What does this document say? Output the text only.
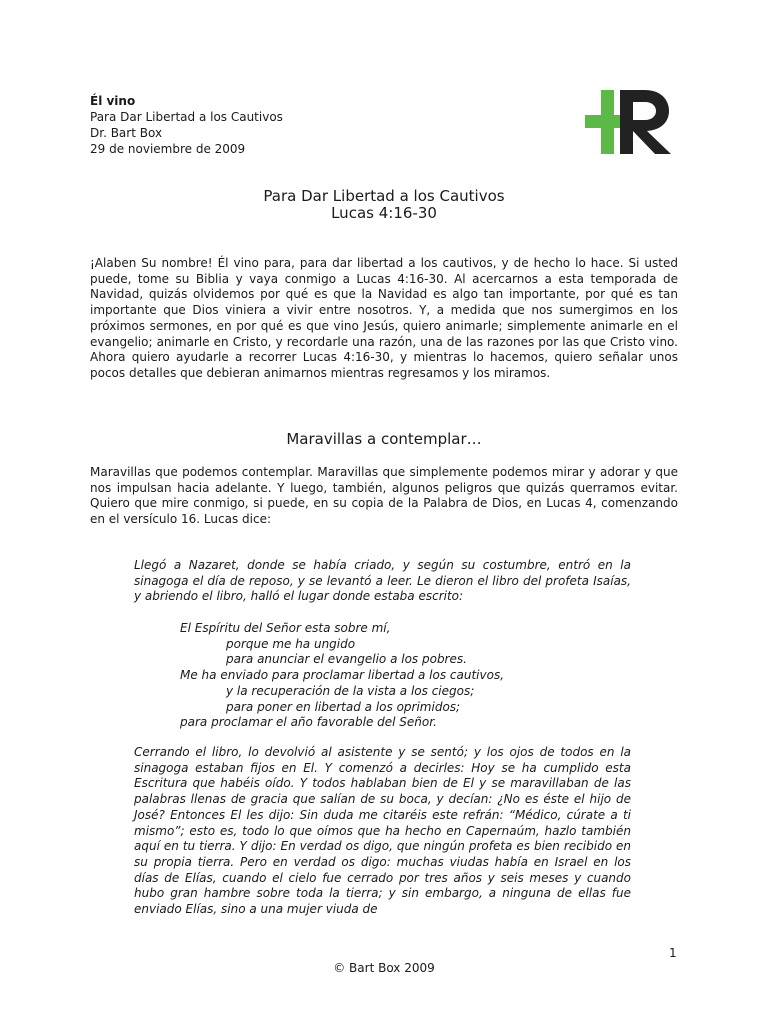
Él vino
Para Dar Libertad a los Cautivos
Dr. Bart Box
29 de noviembre de 2009
Para Dar Libertad a los Cautivos
Lucas 4:16-30

¡Alaben Su nombre! Él vino para, para dar libertad a los cautivos, y de hecho lo hace. Si usted puede, tome su Biblia y vaya conmigo a Lucas 4:16-30. Al acercarnos a esta temporada de Navidad, quizás olvidemos por qué es que la Navidad es algo tan importante, por qué es tan importante que Dios viniera a vivir entre nosotros. Y, a medida que nos sumergimos en los próximos sermones, en por qué es que vino Jesús, quiero animarle; simplemente animarle en el evangelio; animarle en Cristo, y recordarle una razón, una de las razones por las que Cristo vino. Ahora quiero ayudarle a recorrer Lucas 4:16-30, y mientras lo hacemos, quiero señalar unos pocos detalles que debieran animarnos mientras regresamos y los miramos.

Maravillas a contemplar…

Maravillas que podemos contemplar. Maravillas que simplemente podemos mirar y adorar y que nos impulsan hacia adelante. Y luego, también, algunos peligros que quizás querramos evitar. Quiero que mire conmigo, si puede, en su copia de la Palabra de Dios, en Lucas 4, comenzando en el versículo 16. Lucas dice:

Llegó a Nazaret, donde se había criado, y según su costumbre, entró en la sinagoga el día de reposo, y se levantó a leer. Le dieron el libro del profeta Isaías, y abriendo el libro, halló el lugar donde estaba escrito:

El Espíritu del Señor esta sobre mí,
porque me ha ungido
para anunciar el evangelio a los pobres.
Me ha enviado para proclamar libertad a los cautivos,
y la recuperación de la vista a los ciegos;
para poner en libertad a los oprimidos;
para proclamar el año favorable del Señor.

Cerrando el libro, lo devolvió al asistente y se sentó; y los ojos de todos en la sinagoga estaban fijos en El. Y comenzó a decirles: Hoy se ha cumplido esta Escritura que habéis oído. Y todos hablaban bien de El y se maravillaban de las palabras llenas de gracia que salían de su boca, y decían: ¿No es éste el hijo de José? Entonces El les dijo: Sin duda me citaréis este refrán: “Médico, cúrate a ti mismo”; esto es, todo lo que oímos que ha hecho en Capernaúm, hazlo también aquí en tu tierra. Y dijo: En verdad os digo, que ningún profeta es bien recibido en su propia tierra. Pero en verdad os digo: muchas viudas había en Israel en los días de Elías, cuando el cielo fue cerrado por tres años y seis meses y cuando hubo gran hambre sobre toda la tierra; y sin embargo, a ninguna de ellas fue enviado Elías, sino a una mujer viuda de

1
© Bart Box 2009
